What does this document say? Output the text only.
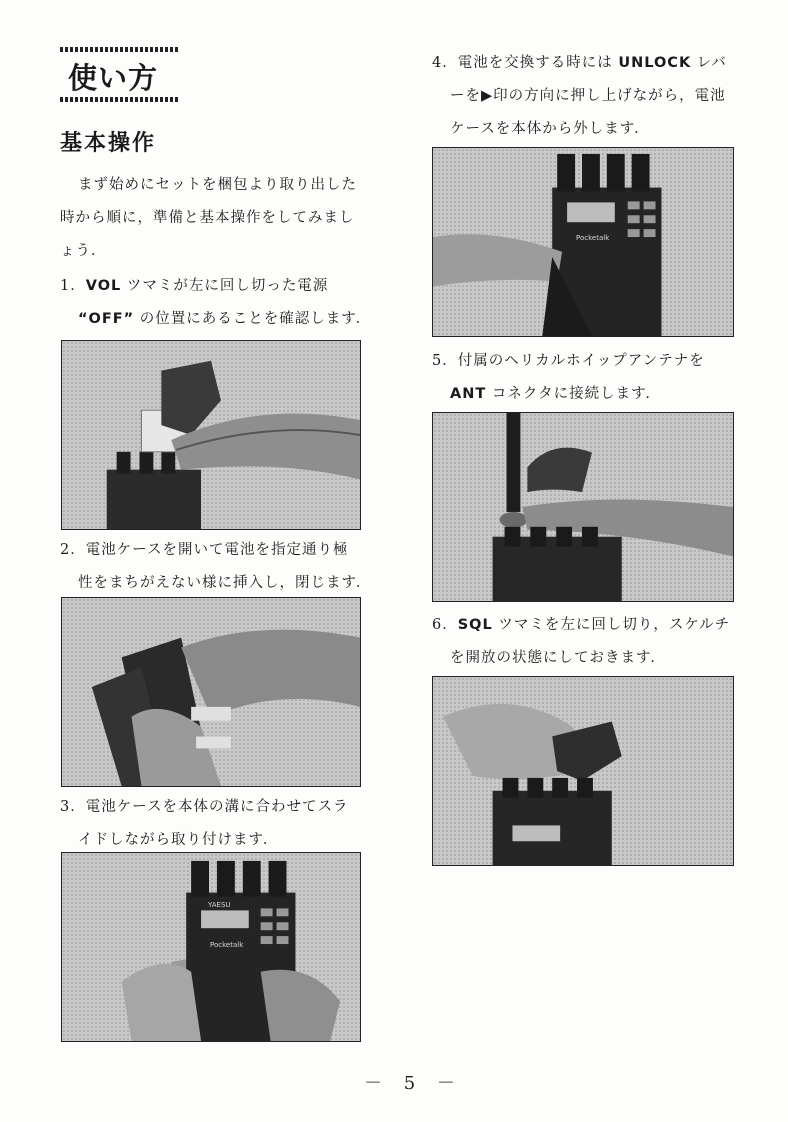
使い方
基本操作
まず始めにセットを梱包より取り出した
時から順に，準備と基本操作をしてみまし
ょう．
1．VOL ツマミが左に回し切った電源
“OFF” の位置にあることを確認します．
2．電池ケースを開いて電池を指定通り極
性をまちがえない様に挿入し，閉じます．
3．電池ケースを本体の溝に合わせてスラ
イドしながら取り付けます．
YAESU
Pocketalk
4．電池を交換する時には UNLOCK レバ
ーを▶印の方向に押し上げながら，電池
ケースを本体から外します．
Pocketalk
5．付属のヘリカルホイップアンテナを
ANT コネクタに接続します．
6．SQL ツマミを左に回し切り，スケルチ
を開放の状態にしておきます．
－ 5 －
